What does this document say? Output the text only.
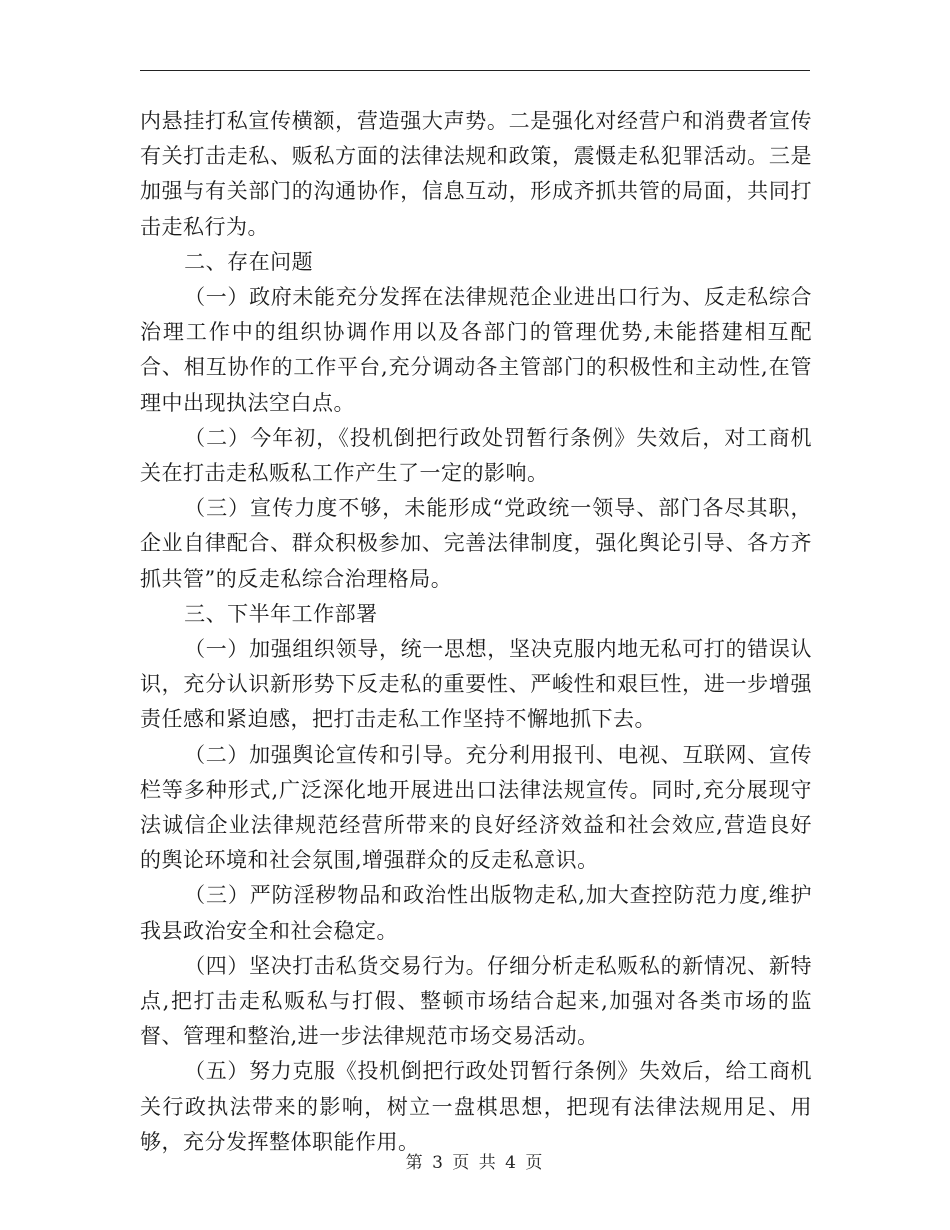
内悬挂打私宣传横额，营造强大声势。二是强化对经营户和消费者宣传有关打击走私、贩私方面的法律法规和政策，震慑走私犯罪活动。三是加强与有关部门的沟通协作，信息互动，形成齐抓共管的局面，共同打击走私行为。

二、存在问题

（一）政府未能充分发挥在法律规范企业进出口行为、反走私综合治理工作中的组织协调作用以及各部门的管理优势,未能搭建相互配合、相互协作的工作平台,充分调动各主管部门的积极性和主动性,在管理中出现执法空白点。

（二）今年初，《投机倒把行政处罚暂行条例》失效后，对工商机关在打击走私贩私工作产生了一定的影响。

（三）宣传力度不够，未能形成“党政统一领导、部门各尽其职，企业自律配合、群众积极参加、完善法律制度，强化舆论引导、各方齐抓共管”的反走私综合治理格局。

三、下半年工作部署

（一）加强组织领导，统一思想，坚决克服内地无私可打的错误认识，充分认识新形势下反走私的重要性、严峻性和艰巨性，进一步增强责任感和紧迫感，把打击走私工作坚持不懈地抓下去。

（二）加强舆论宣传和引导。充分利用报刊、电视、互联网、宣传栏等多种形式,广泛深化地开展进出口法律法规宣传。同时,充分展现守法诚信企业法律规范经营所带来的良好经济效益和社会效应,营造良好的舆论环境和社会氛围,增强群众的反走私意识。

（三）严防淫秽物品和政治性出版物走私,加大查控防范力度,维护我县政治安全和社会稳定。

（四）坚决打击私货交易行为。仔细分析走私贩私的新情况、新特点,把打击走私贩私与打假、整顿市场结合起来,加强对各类市场的监督、管理和整治,进一步法律规范市场交易活动。

（五）努力克服《投机倒把行政处罚暂行条例》失效后，给工商机关行政执法带来的影响，树立一盘棋思想，把现有法律法规用足、用够，充分发挥整体职能作用。

第 3 页 共 4 页
